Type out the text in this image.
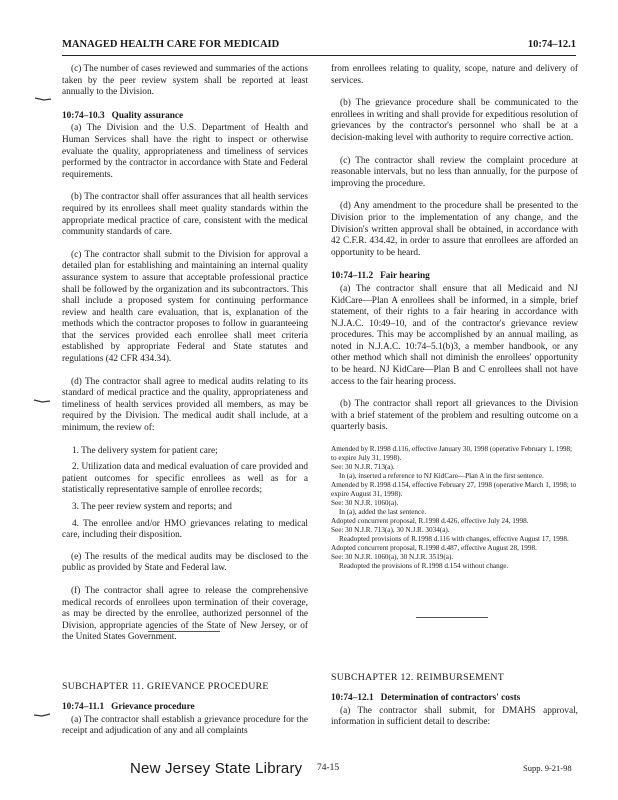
MANAGED HEALTH CARE FOR MEDICAID	10:74–12.1

(c) The number of cases reviewed and summaries of the actions taken by the peer review system shall be reported at least annually to the Division.

10:74–10.3 Quality assurance

(a) The Division and the U.S. Department of Health and Human Services shall have the right to inspect or otherwise evaluate the quality, appropriateness and timeliness of services performed by the contractor in accordance with State and Federal requirements.

(b) The contractor shall offer assurances that all health services required by its enrollees shall meet quality standards within the appropriate medical practice of care, consistent with the medical community standards of care.

(c) The contractor shall submit to the Division for approval a detailed plan for establishing and maintaining an internal quality assurance system to assure that acceptable professional practice shall be followed by the organization and its subcontractors. This shall include a proposed system for continuing performance review and health care evaluation, that is, explanation of the methods which the contractor proposes to follow in guaranteeing that the services provided each enrollee shall meet criteria established by appropriate Federal and State statutes and regulations (42 CFR 434.34).

(d) The contractor shall agree to medical audits relating to its standard of medical practice and the quality, appropriateness and timeliness of health services provided all members, as may be required by the Division. The medical audit shall include, at a minimum, the review of:

1. The delivery system for patient care;

2. Utilization data and medical evaluation of care provided and patient outcomes for specific enrollees as well as for a statistically representative sample of enrollee records;

3. The peer review system and reports; and

4. The enrollee and/or HMO grievances relating to medical care, including their disposition.

(e) The results of the medical audits may be disclosed to the public as provided by State and Federal law.

(f) The contractor shall agree to release the comprehensive medical records of enrollees upon termination of their coverage, as may be directed by the enrollee, authorized personnel of the Division, appropriate agencies of the State of New Jersey, or of the United States Government.

SUBCHAPTER 11. GRIEVANCE PROCEDURE
10:74–11.1 Grievance procedure

(a) The contractor shall establish a grievance procedure for the receipt and adjudication of any and all complaints

from enrollees relating to quality, scope, nature and delivery of services.

(b) The grievance procedure shall be communicated to the enrollees in writing and shall provide for expeditious resolution of grievances by the contractor's personnel who shall be at a decision-making level with authority to require corrective action.

(c) The contractor shall review the complaint procedure at reasonable intervals, but no less than annually, for the purpose of improving the procedure.

(d) Any amendment to the procedure shall be presented to the Division prior to the implementation of any change, and the Division's written approval shall be obtained, in accordance with 42 C.F.R. 434.42, in order to assure that enrollees are afforded an opportunity to be heard.

10:74–11.2 Fair hearing

(a) The contractor shall ensure that all Medicaid and NJ KidCare—Plan A enrollees shall be informed, in a simple, brief statement, of their rights to a fair hearing in accordance with N.J.A.C. 10:49–10, and of the contractor's grievance review procedures. This may be accomplished by an annual mailing, as noted in N.J.A.C. 10:74–5.1(b)3, a member handbook, or any other method which shall not diminish the enrollees' opportunity to be heard. NJ KidCare—Plan B and C enrollees shall not have access to the fair hearing process.

(b) The contractor shall report all grievances to the Division with a brief statement of the problem and resulting outcome on a quarterly basis.

Amended by R.1998 d.116, effective January 30, 1998 (operative February 1, 1998; to expire July 31, 1998).
See: 30 N.J.R. 713(a).
In (a), inserted a reference to NJ KidCare—Plan A in the first sentence.
Amended by R.1998 d.154, effective February 27, 1998 (operative March 1, 1998; to expire August 31, 1998).
See: 30 N.J.R. 1060(a).
In (a), added the last sentence.
Adopted concurrent proposal, R.1998 d.426, effective July 24, 1998.
See: 30 N.J.R. 713(a), 30 N.J.R. 3034(a).
Readopted provisions of R.1998 d.116 with changes, effective August 17, 1998.
Adopted concurrent proposal, R.1998 d.487, effective August 28, 1998.
See: 30 N.J.R. 1060(a), 30 N.J.R. 3519(a).
Readopted the provisions of R.1998 d.154 without change.
SUBCHAPTER 12. REIMBURSEMENT
10:74–12.1 Determination of contractors' costs

(a) The contractor shall submit, for DMAHS approval, information in sufficient detail to describe:

New Jersey State Library 74-15	Supp. 9-21-98
